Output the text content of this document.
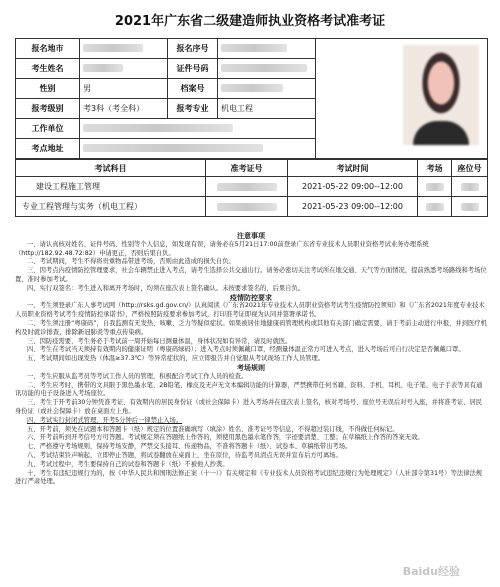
2021年广东省二级建造师执业资格考试准考证
报名地市		报名序号		
考生姓名		证件号码		
性别	男	档案号		
报考级别	考3科（考全科）	报考专业	机电工程	
工作单位				
考点地址				
考试科目	准考证号	考试时间	考场	座位号
建设工程施工管理		2021-05-22 09:00--12:00		
专业工程管理与实务（机电工程）		2021-05-23 09:00--12:00		
注意事项

一、请认真核对姓名、证件号码、性别等个人信息，如发现有误，请务必在5月21日17:00前登录广东省专业技术人员职业资格考试业务办理系统（http://182.92.48.72:82）申请更正，否则后果自负。

二、考试期间，考生不得将贵重物品带进考场，否则由此造成的损失自负。

三、因考点内疫情防控管理要求，社会车辆禁止进入考点，请考生选择公共交通出行。请务必密切关注考试所在地交通、天气等方面情况，提前熟悉考场路线和考场位置，准时参加考试。

四、实行双签名：考生进入和离开考场时，均须在座次表上签名确认。未按要求签名的，后果自负。

疫情防控要求

一、考生须登录广东人事考试网（http://rsks.gd.gov.cn/）认真阅读《广东省2021年专业技术人员职业资格考试考生疫情防控须知》和《广东省2021年度专业技术人员职业资格考试考生疫情防控承诺书》，严格按照防疫要求参加考试，打印准考证即视为认同并签署承诺书。

二、考生须注册“粤康码”，自我监测有无发热、咳嗽、乏力等疑似症状。如果被居住地健康码管理机构或其他有关部门确定需要，请于考前主动进行申报，并到医疗机构及时就诊排查，排除新冠肺炎等重点传染病。

三、因防疫需要，考生务必于考试前一周开始每日测量体温，身体状况如有异常，请及时就医。

四、考生在考试当天须持有效期内的健康证明（粤康码绿码）；进入考点时须佩戴口罩，经测量体温正常方可进入考点，进入考场后可自行决定是否佩戴口罩。

五、考试期间如出现发热（体温≥37.3℃）等异常症状的，应立即报告并自觉服从考试现场工作人员管理。

考场规则

一、考生应服从监考员等考试工作人员的管理，积极配合考试工作人员的检查。

二、考生应考时，携带的文具限于黑色墨水笔、2B铅笔、橡皮及无声无文本编辑功能的计算器，严禁携带任何书籍、资料、手机、耳机、电子笔、电子手表等具有通讯功能的电子设备进入考场座位。

三、考生于开考前30分钟凭准考证、有效期内的居民身份证（或社会保障卡）进入考场并在座次表上签名，核对考场号、座位号无误后对号入座，并将准考证、居民身份证（或社会保障卡）放在桌面左上角。

四、考试实行封闭式管理，开考5分钟后一律禁止入场。

五、开考前，须先在试题本和答题卡（纸）规定的位置准确填写（填涂）姓名、准考证号等信息，不得超过装订线，不得做任何标记。

六、开考前听到开考信号方可答题。考试规定须在答题纸上作答的，须使用黑色墨水笔作答，字迹要清楚、工整；在草稿纸上作答的答案无效。

七、严格遵守考场规则，保持考场安静，严禁交头接耳、传递物品，不准将答题卡（纸）、试卷本、草稿纸带出考场。

八、考试结束铃声响起，立即停止答题，将试卷翻放在桌面上，坐在原位，待监考员清点无误并宣布后方可离场。

九、考试过程中，考生要保持自己的试卷和答题卡（纸）不被他人抄袭。

十、考生有违纪违规行为的，按《中华人民共和国刑法修正案（十一）》有关规定和《专业技术人员资格考试违纪违规行为处理规定》（人社部令第31号）等法律法规进行严肃处理。

Baidu经验
